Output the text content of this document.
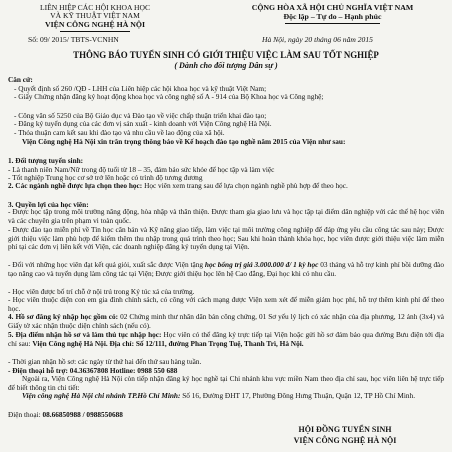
LIÊN HIỆP CÁC HỘI KHOA HỌC
VÀ KỸ THUẬT VIỆT NAM
VIỆN CÔNG NGHỆ HÀ NỘI
CỘNG HÒA XÃ HỘI CHỦ NGHĨA VIỆT NAM
Độc lập – Tự do – Hạnh phúc
Số: 09/ 2015/ TBTS-VCNHN	Hà Nội, ngày 20 tháng 06 năm 2015
THÔNG BÁO TUYỂN SINH CÓ GIỚI THIỆU VIỆC LÀM SAU TỐT NGHIỆP
( Dành cho đối tượng Dân sự )
Căn cứ:
- Quyết định số 260 /QĐ - LHH của Liên hiệp các hội khoa học và kỹ thuật Việt Nam;
- Giấy Chứng nhận đăng ký hoạt động khoa học và công nghệ số A - 914 của Bộ Khoa học và Công nghệ;
- Công văn số 5250 của Bộ Giáo dục và Đào tạo về việc chấp thuận triển khai đào tạo;
- Đăng ký tuyển dụng của các đơn vị sản xuất - kinh doanh với Viện Công nghệ Hà Nội.
- Thỏa thuận cam kết sau khi đào tạo và nhu cầu về lao động của xã hội.
Viện Công nghệ Hà Nội xin trân trọng thông báo về Kế hoạch đào tạo nghề năm 2015 của Viện như sau:
1. Đối tượng tuyển sinh:
- Là thanh niên Nam/Nữ trong độ tuổi từ 18 – 35, đảm bảo sức khỏe để học tập và làm việc
- Tốt nghiệp Trung học cơ sở trở lên hoặc có trình độ tương đương
2. Các ngành nghề được lựa chọn theo học: Học viên xem trang sau để lựa chọn ngành nghề phù hợp để theo học.
3. Quyền lợi của học viên:
- Được học tập trong môi trường năng động, hòa nhập và thân thiện. Được tham gia giao lưu và học tập tại điểm dân nghiệp với các thế hệ học viên và các chuyên gia trên phạm vi toàn quốc.
- Được đào tạo miễn phí về Tin học căn bản và Kỹ năng giao tiếp, làm việc tại môi trường công nghiệp để đáp ứng yêu cầu công tác sau này; Được giới thiệu việc làm phù hợp để kiếm thêm thu nhập trong quá trình theo học; Sau khi hoàn thành khóa học, học viên được giới thiệu việc làm miễn phí tại các đơn vị liên kết với Viện, các doanh nghiệp đăng ký tuyển dụng tại Viện.
- Đối với những học viên đạt kết quả giỏi, xuất sắc được Viện tặng học bổng trị giá 3.000.000 đ/ 1 kỳ học 03 tháng và hỗ trợ kinh phí bồi dưỡng đào tạo nâng cao và tuyển dụng làm công tác tại Viện; Được giới thiệu học lên hệ Cao đẳng, Đại học khi có nhu cầu.
- Học viên được bố trí chỗ ở nội trú trong Ký túc xá của trường.
- Học viên thuộc diện con em gia đình chính sách, có công với cách mạng được Viện xem xét để miễn giảm học phí, hỗ trợ thêm kinh phí để theo học.
4. Hồ sơ đăng ký nhập học gồm có: 02 Chứng minh thư nhân dân bản công chứng, 01 Sơ yếu lý lịch có xác nhận của địa phương, 12 ảnh (3x4) và Giấy tờ xác nhận thuộc diện chính sách (nếu có).
5. Địa điểm nhận hồ sơ và làm thủ tục nhập học: Học viên có thể đăng ký trực tiếp tại Viện hoặc gửi hồ sơ đảm bảo qua đường Bưu điện tới địa chỉ sau: Viện Công nghệ Hà Nội. Địa chỉ: Số 12/111, đường Phan Trọng Tuệ, Thanh Trì, Hà Nội.
- Thời gian nhận hồ sơ: các ngày từ thứ hai đến thứ sau hàng tuần.
- Điện thoại hỗ trợ: 04.36367808 Hotline: 0988 550 688
Ngoài ra, Viện Công nghệ Hà Nội còn tiếp nhận đăng ký học nghề tại Chi nhánh khu vực miền Nam theo địa chỉ sau, học viên liên hệ trực tiếp để biết thông tin chi tiết:
Viện công nghệ Hà Nội chi nhánh TP.Hồ Chí Minh: Số 16, Đường ĐHT 17, Phường Đông Hưng Thuận, Quận 12, TP Hồ Chí Minh.
Điện thoại: 08.66850988 / 0988550688
HỘI ĐỒNG TUYỂN SINH
VIỆN CÔNG NGHỆ HÀ NỘI
